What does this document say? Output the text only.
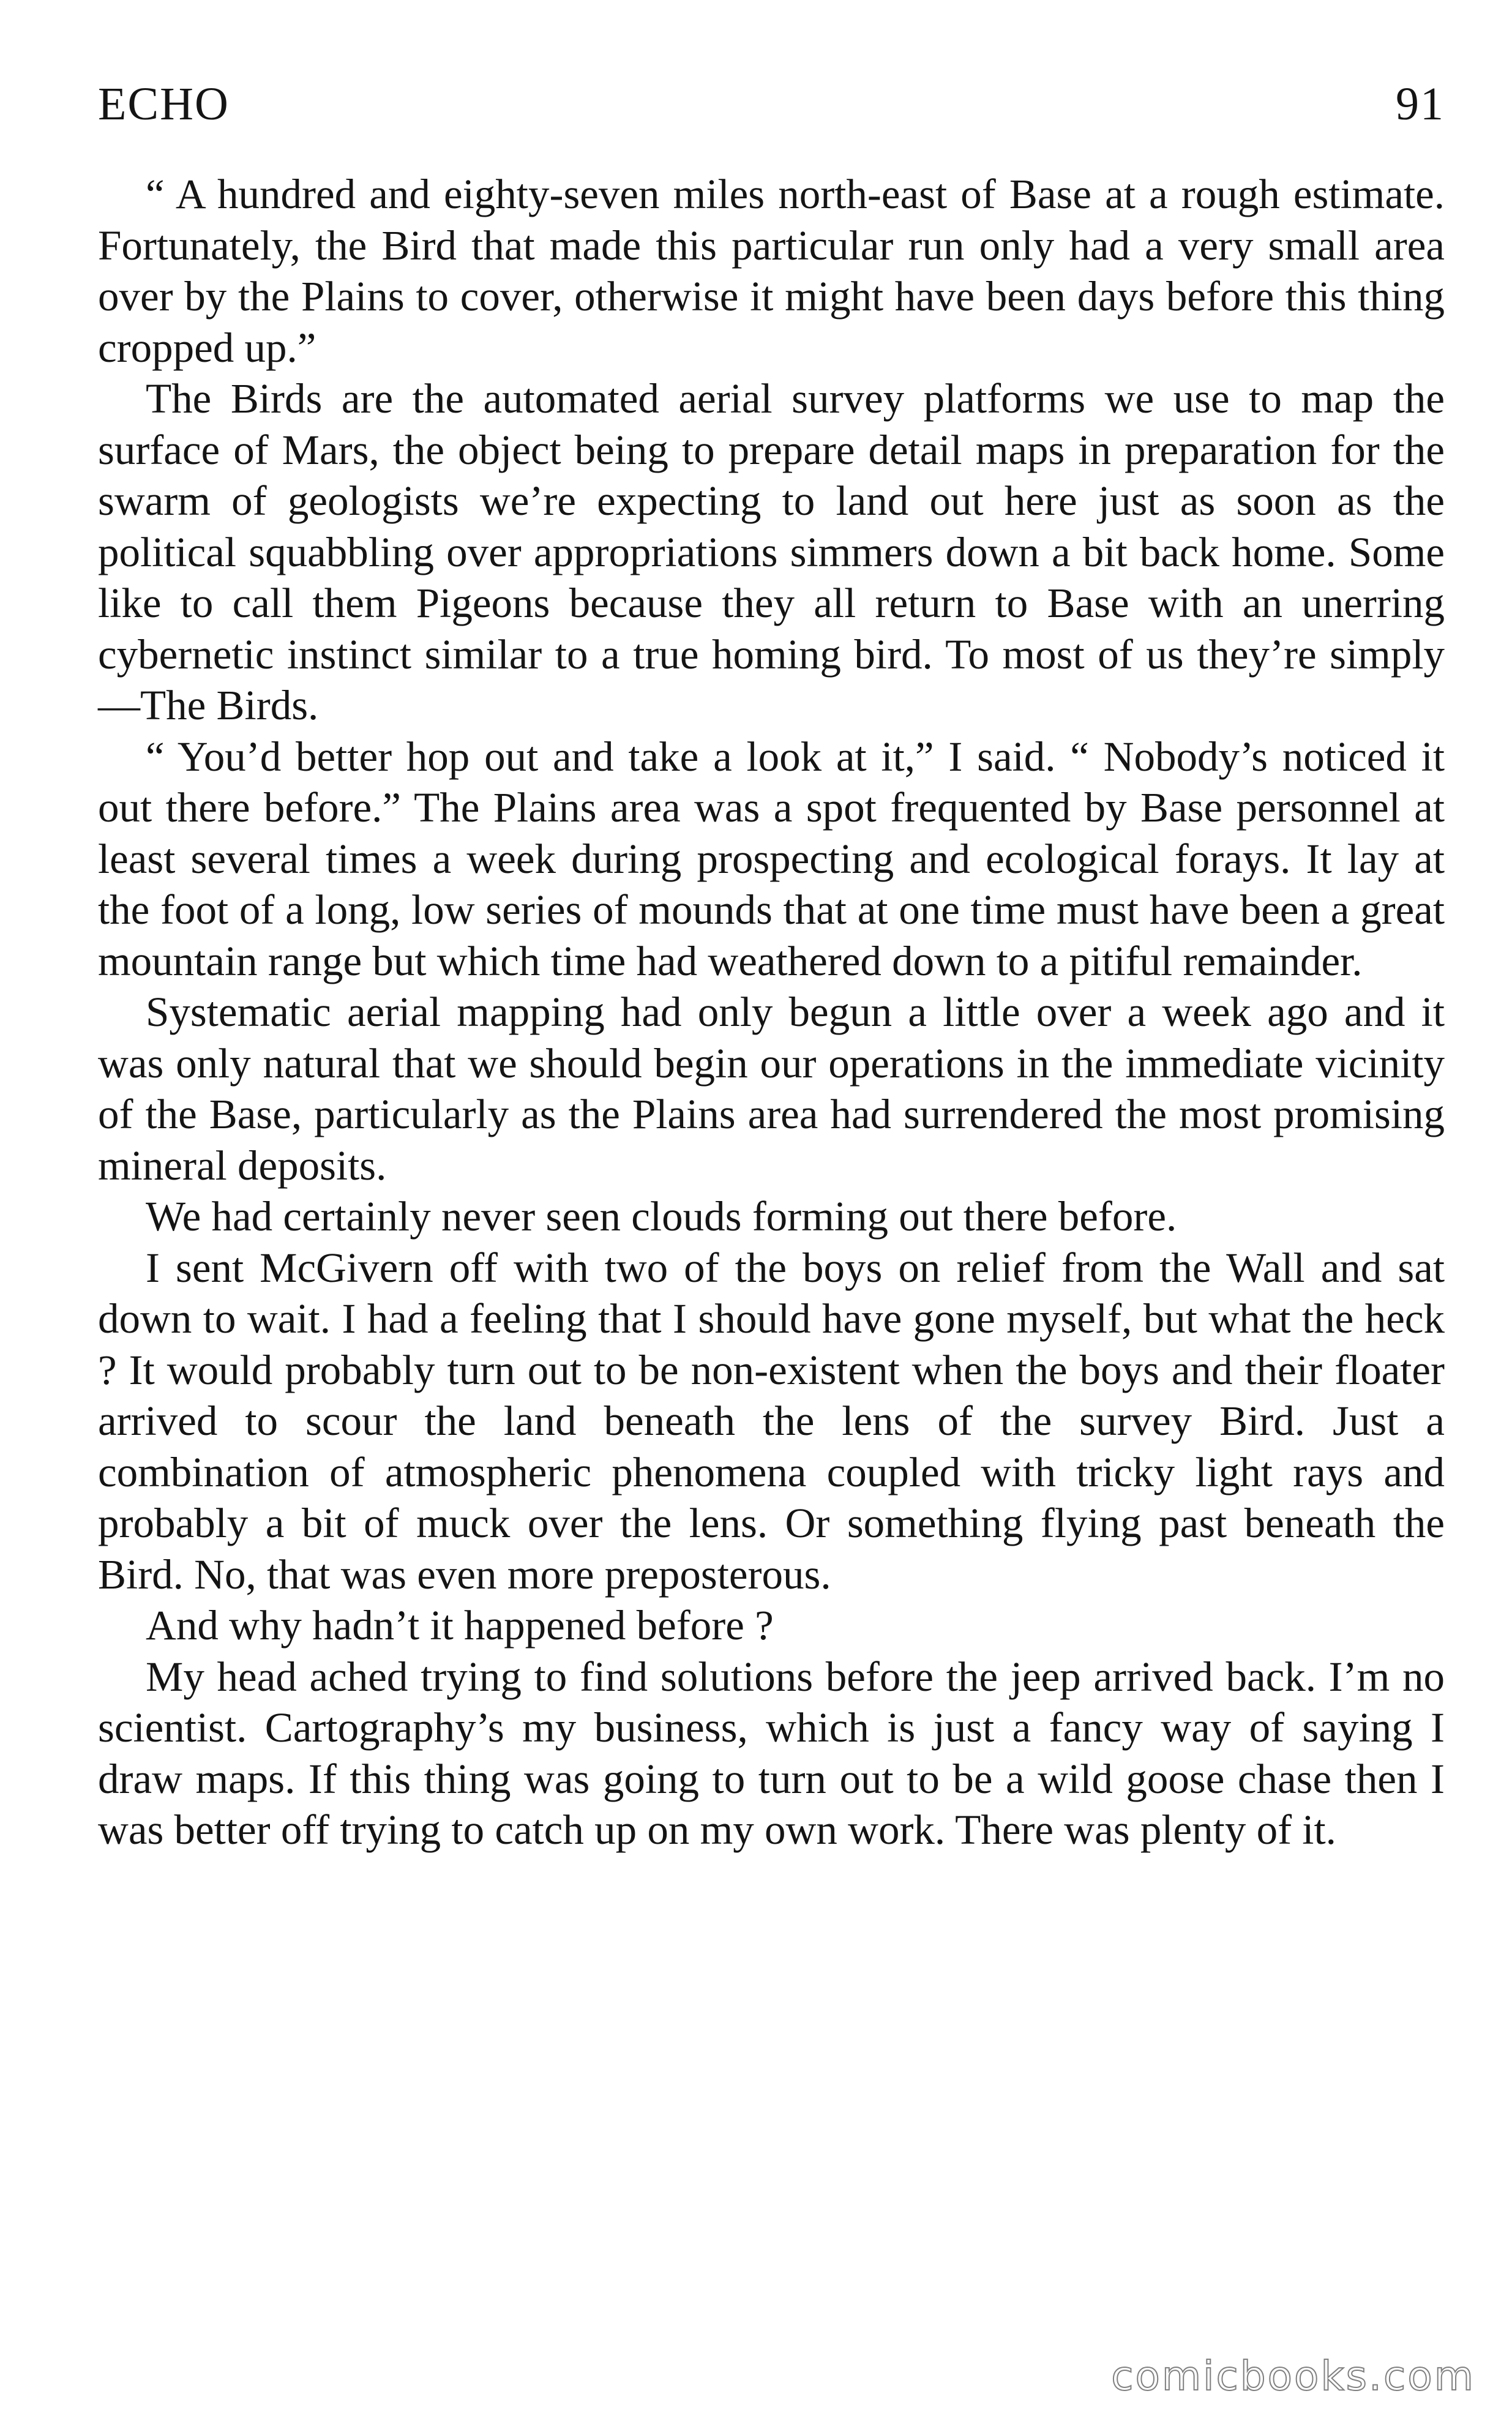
ECHO	91

“ A hundred and eighty-seven miles north-east of Base at a rough estimate. Fortunately, the Bird that made this particular run only had a very small area over by the Plains to cover, otherwise it might have been days before this thing cropped up.”

The Birds are the automated aerial survey platforms we use to map the surface of Mars, the object being to prepare detail maps in preparation for the swarm of geologists we’re expecting to land out here just as soon as the political squabbling over appropriations simmers down a bit back home. Some like to call them Pigeons because they all return to Base with an unerring cybernetic instinct similar to a true homing bird. To most of us they’re simply—The Birds.

“ You’d better hop out and take a look at it,” I said. “ Nobody’s noticed it out there before.” The Plains area was a spot frequented by Base personnel at least several times a week during prospecting and ecological forays. It lay at the foot of a long, low series of mounds that at one time must have been a great mountain range but which time had weathered down to a pitiful remainder.

Systematic aerial mapping had only begun a little over a week ago and it was only natural that we should begin our operations in the immediate vicinity of the Base, particularly as the Plains area had surrendered the most promising mineral deposits.

We had certainly never seen clouds forming out there before.

I sent McGivern off with two of the boys on relief from the Wall and sat down to wait. I had a feeling that I should have gone myself, but what the heck ? It would probably turn out to be non-existent when the boys and their floater arrived to scour the land beneath the lens of the survey Bird. Just a combination of atmospheric phenomena coupled with tricky light rays and probably a bit of muck over the lens. Or something flying past beneath the Bird. No, that was even more preposterous.

And why hadn’t it happened before ?

My head ached trying to find solutions before the jeep arrived back. I’m no scientist. Cartography’s my business, which is just a fancy way of saying I draw maps. If this thing was going to turn out to be a wild goose chase then I was better off trying to catch up on my own work. There was plenty of it.

comicbooks.com
